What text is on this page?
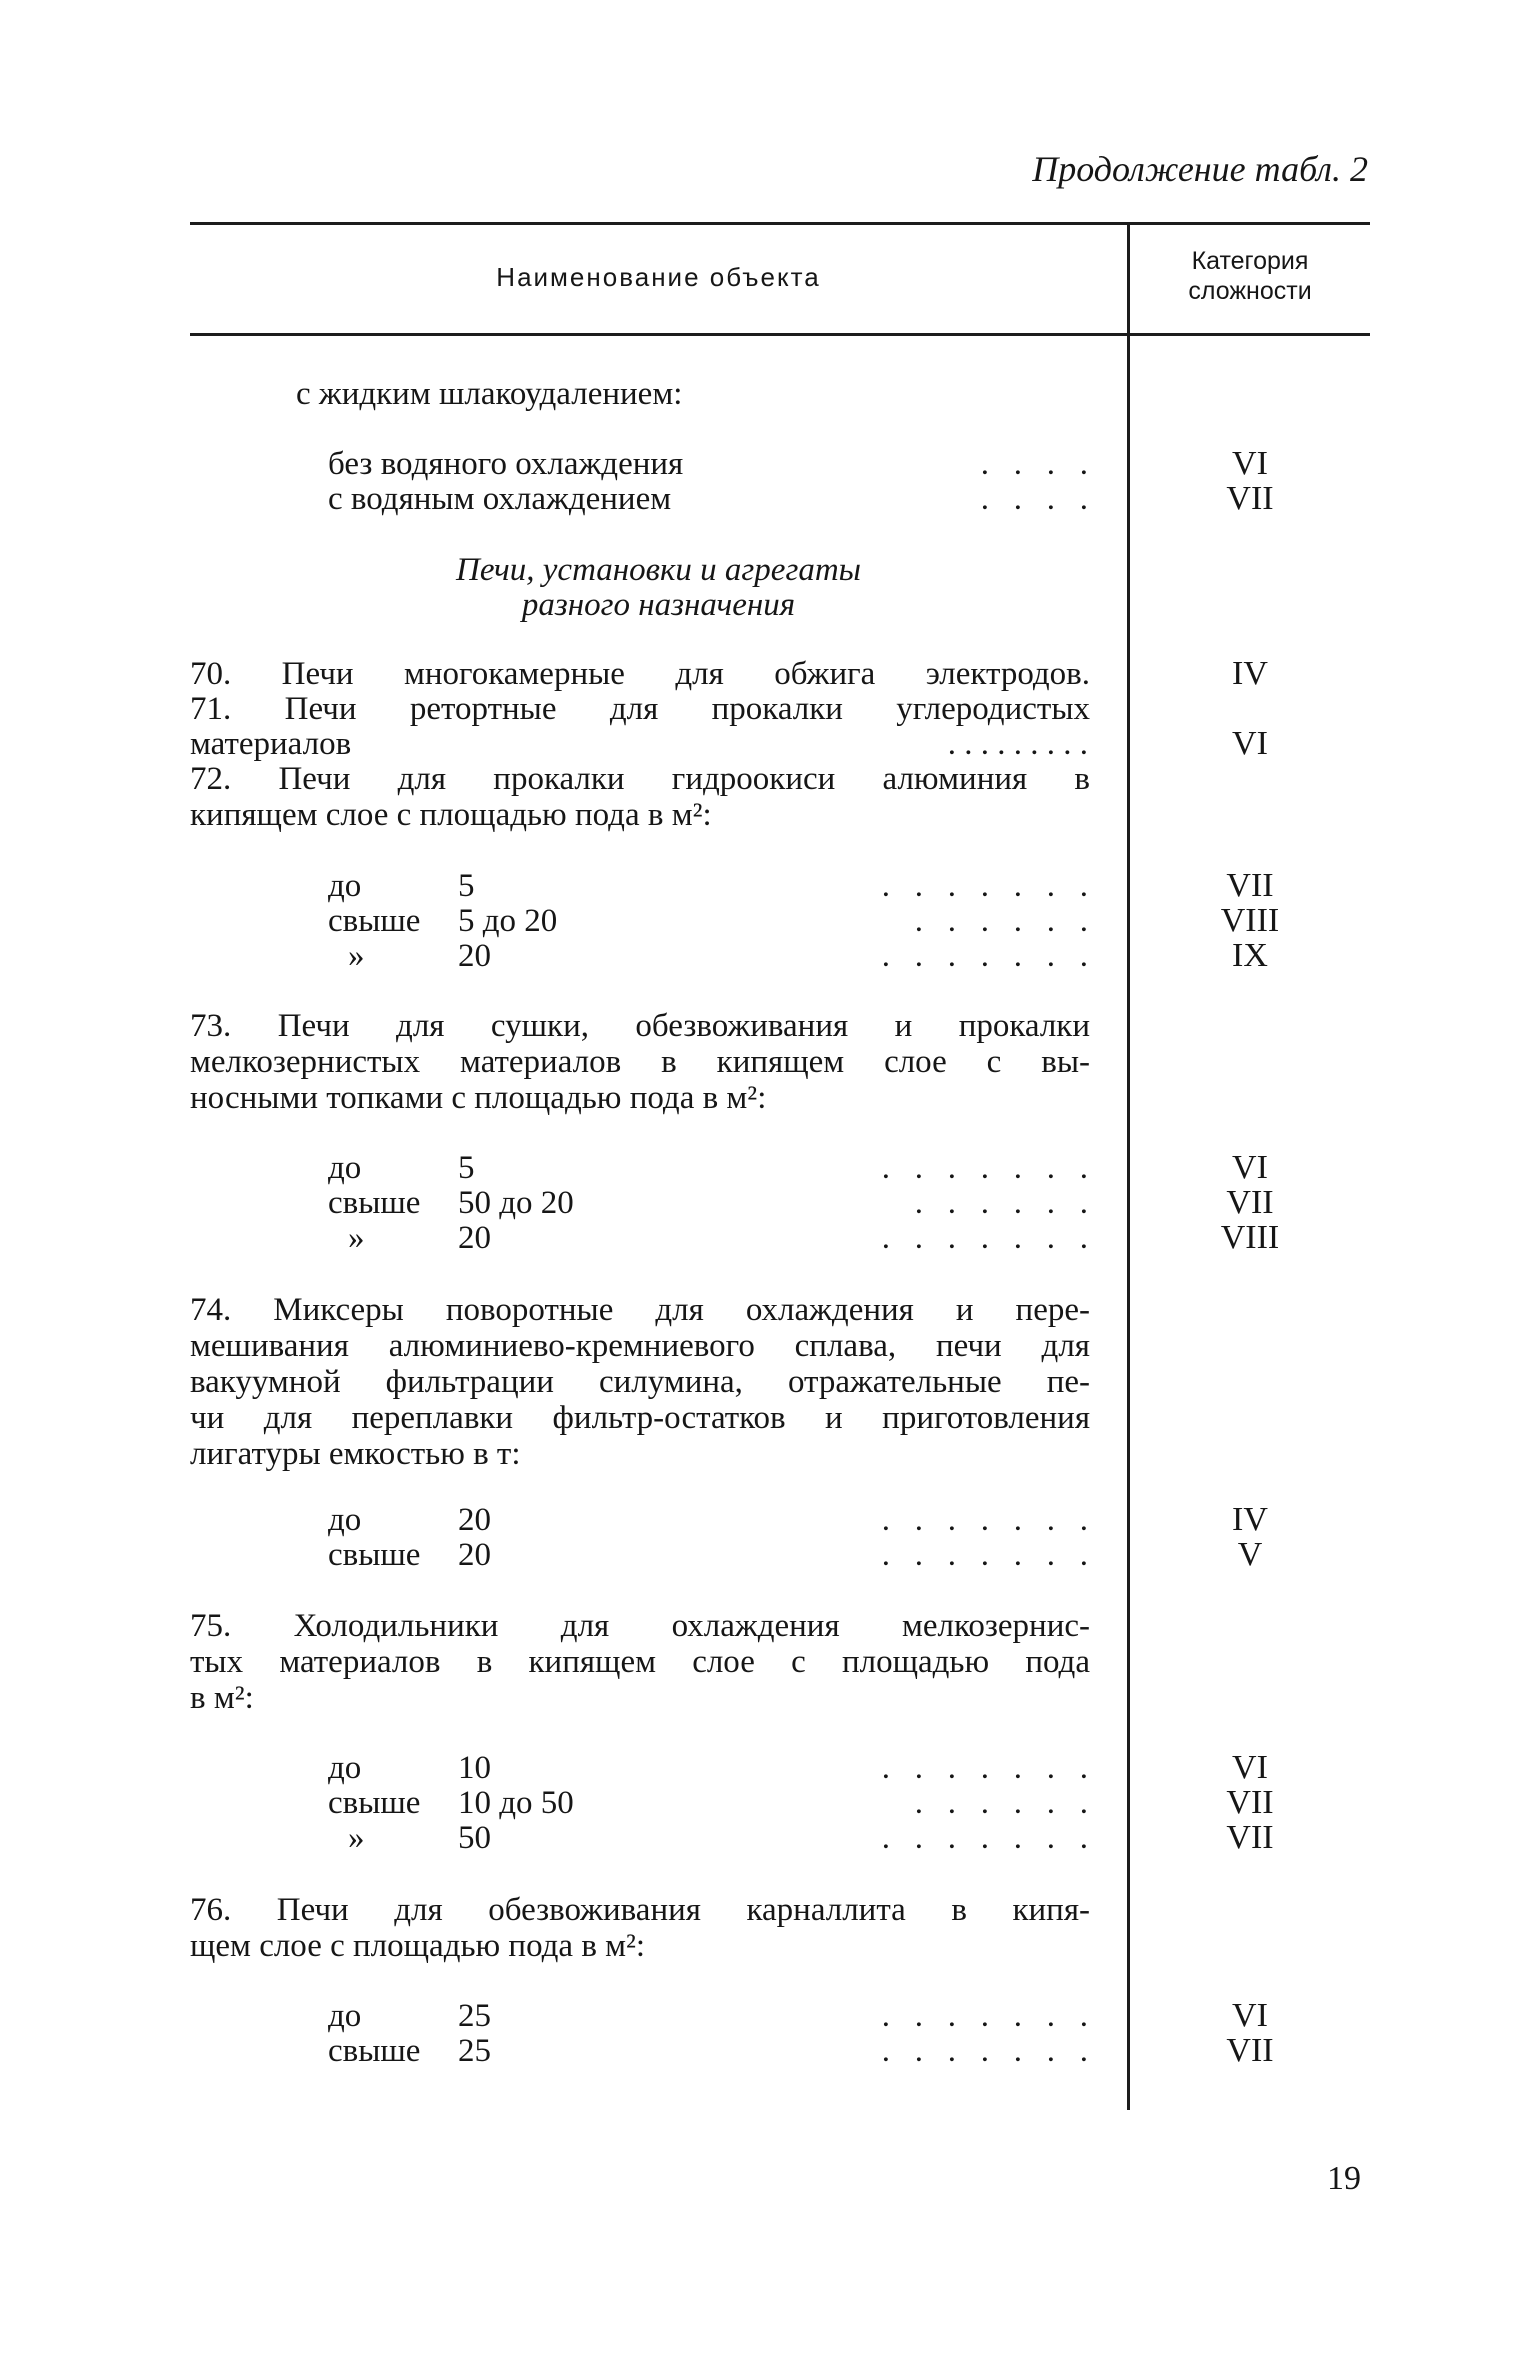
Продолжение табл. 2
Наименование объекта
Категория
сложности
с жидким шлакоудалением:
без водяного охлаждения	.   .   .   .	VI
с водяным охлаждением	.   .   .   .	VII
Печи, установки и агрегаты
разного назначения
70. Печи многокамерные для обжига электродов.	IV
71. Печи ретортные для прокалки углеродистых
материалов	. . . . . . . . .	VI
72. Печи для прокалки гидроокиси алюминия в
кипящем слое с площадью пода в м²:
до	5	.   .   .   .   .   .   .	VII
свыше 5 до 20	.   .   .   .   .   .	VIII
»	20	.   .   .   .   .   .   .	IX
73. Печи для сушки, обезвоживания и прокалки
мелкозернистых материалов в кипящем слое с вы-
носными топками с площадью пода в м²:
до	5	.   .   .   .   .   .   .	VI
свыше 50 до 20	.   .   .   .   .   .	VII
»	20	.   .   .   .   .   .   .	VIII
74. Миксеры поворотные для охлаждения и пере-
мешивания алюминиево-кремниевого сплава, печи для
вакуумной фильтрации силумина, отражательные пе-
чи для переплавки фильтр-остатков и приготовления
лигатуры емкостью в т:
до	20	.   .   .   .   .   .   .	IV
свыше 20	.   .   .   .   .   .   .	V
75. Холодильники для охлаждения мелкозернис-
тых материалов в кипящем слое с площадью пода
в м²:
до	10	.   .   .   .   .   .   .	VI
свыше 10 до 50	.   .   .   .   .   .	VII
»	50	.   .   .   .   .   .   .	VII
76. Печи для обезвоживания карналлита в кипя-
щем слое с площадью пода в м²:
до	25	.   .   .   .   .   .   .	VI
свыше 25	.   .   .   .   .   .   .	VII
19
